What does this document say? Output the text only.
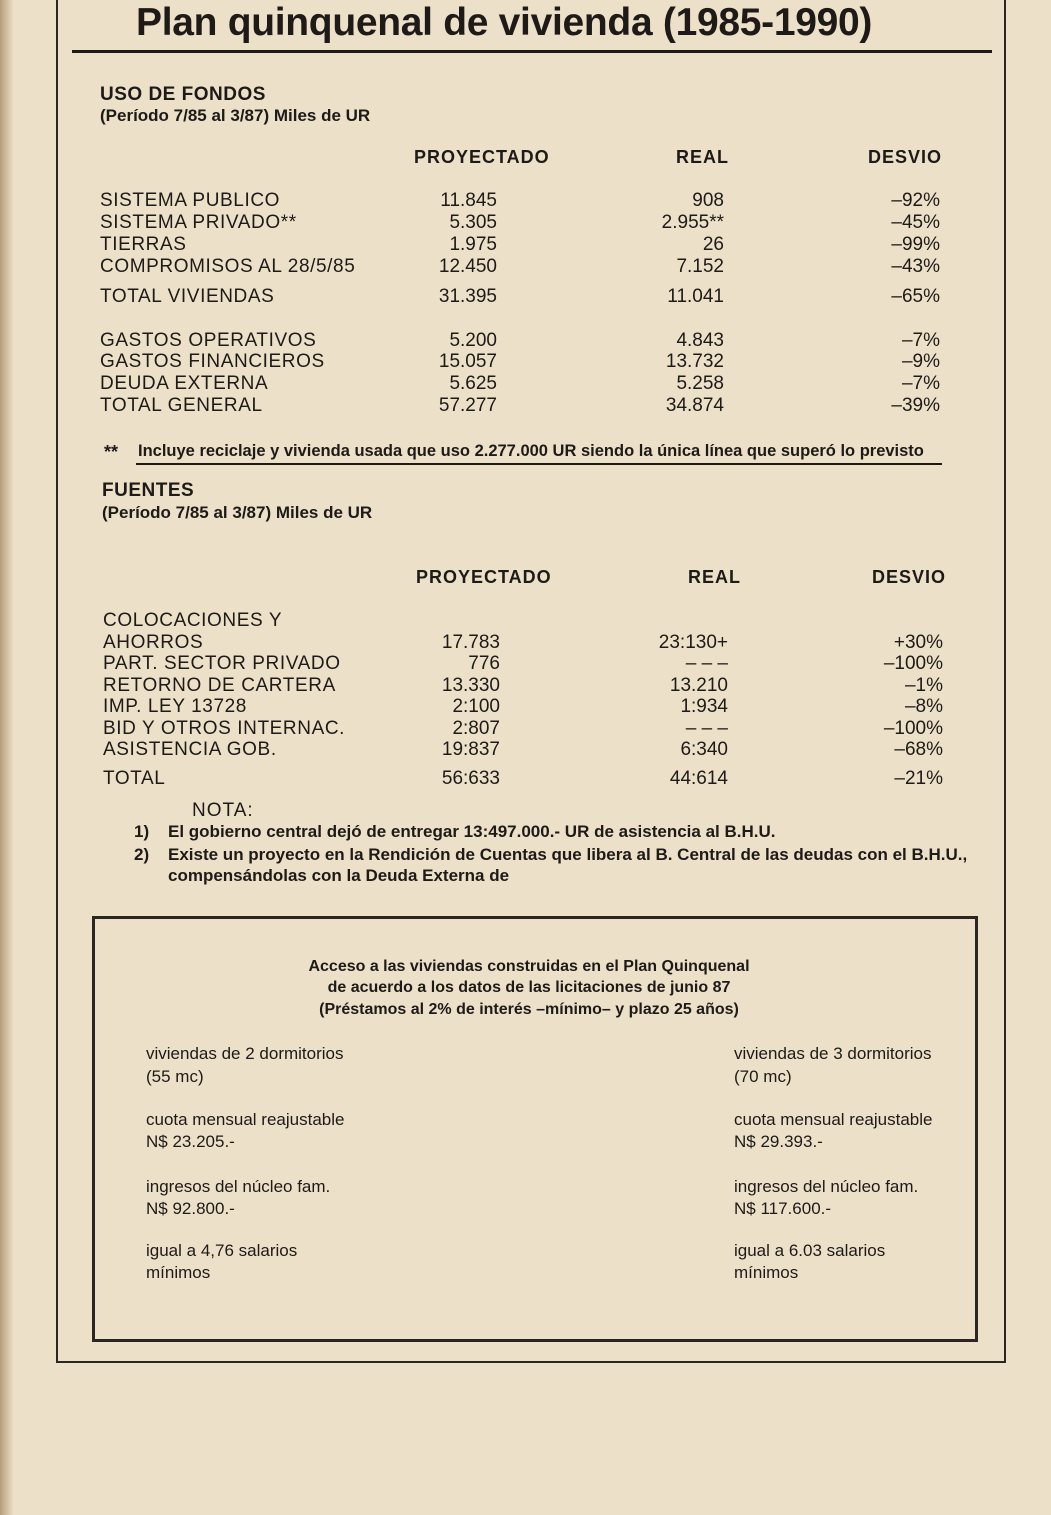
Plan quinquenal de vivienda (1985-1990)
USO DE FONDOS
(Período 7/85 al 3/87) Miles de UR
PROYECTADO	REAL	DESVIO
SISTEMA PUBLICO	11.845	908	–92%
SISTEMA PRIVADO**	5.305	2.955**	–45%
TIERRAS	1.975	26	–99%
COMPROMISOS AL 28/5/85	12.450	7.152	–43%
TOTAL VIVIENDAS	31.395	11.041	–65%
GASTOS OPERATIVOS	5.200	4.843	–7%
GASTOS FINANCIEROS	15.057	13.732	–9%
DEUDA EXTERNA	5.625	5.258	–7%
TOTAL GENERAL	57.277	34.874	–39%
** Incluye reciclaje y vivienda usada que uso 2.277.000 UR siendo la única línea que superó lo previsto
FUENTES
(Período 7/85 al 3/87) Miles de UR
PROYECTADO	REAL	DESVIO
COLOCACIONES Y
AHORROS	17.783	23:130+	+30%
PART. SECTOR PRIVADO	776	– – –	–100%
RETORNO DE CARTERA	13.330	13.210	–1%
IMP. LEY 13728	2:100	1:934	–8%
BID Y OTROS INTERNAC.	2:807	– – –	–100%
ASISTENCIA GOB.	19:837	6:340	–68%
TOTAL	56:633	44:614	–21%
NOTA:
1) El gobierno central dejó de entregar 13:497.000.- UR de asistencia al B.H.U.
2) Existe un proyecto en la Rendición de Cuentas que libera al B. Central de las deudas con el B.H.U.,
compensándolas con la Deuda Externa de
Acceso a las viviendas construidas en el Plan Quinquenal
de acuerdo a los datos de las licitaciones de junio 87
(Préstamos al 2% de interés –mínimo– y plazo 25 años)
viviendas de 2 dormitorios
(55 mc)
cuota mensual reajustable
N$ 23.205.-
ingresos del núcleo fam.
N$ 92.800.-
igual a 4,76 salarios
mínimos
viviendas de 3 dormitorios
(70 mc)
cuota mensual reajustable
N$ 29.393.-
ingresos del núcleo fam.
N$ 117.600.-
igual a 6.03 salarios
mínimos
